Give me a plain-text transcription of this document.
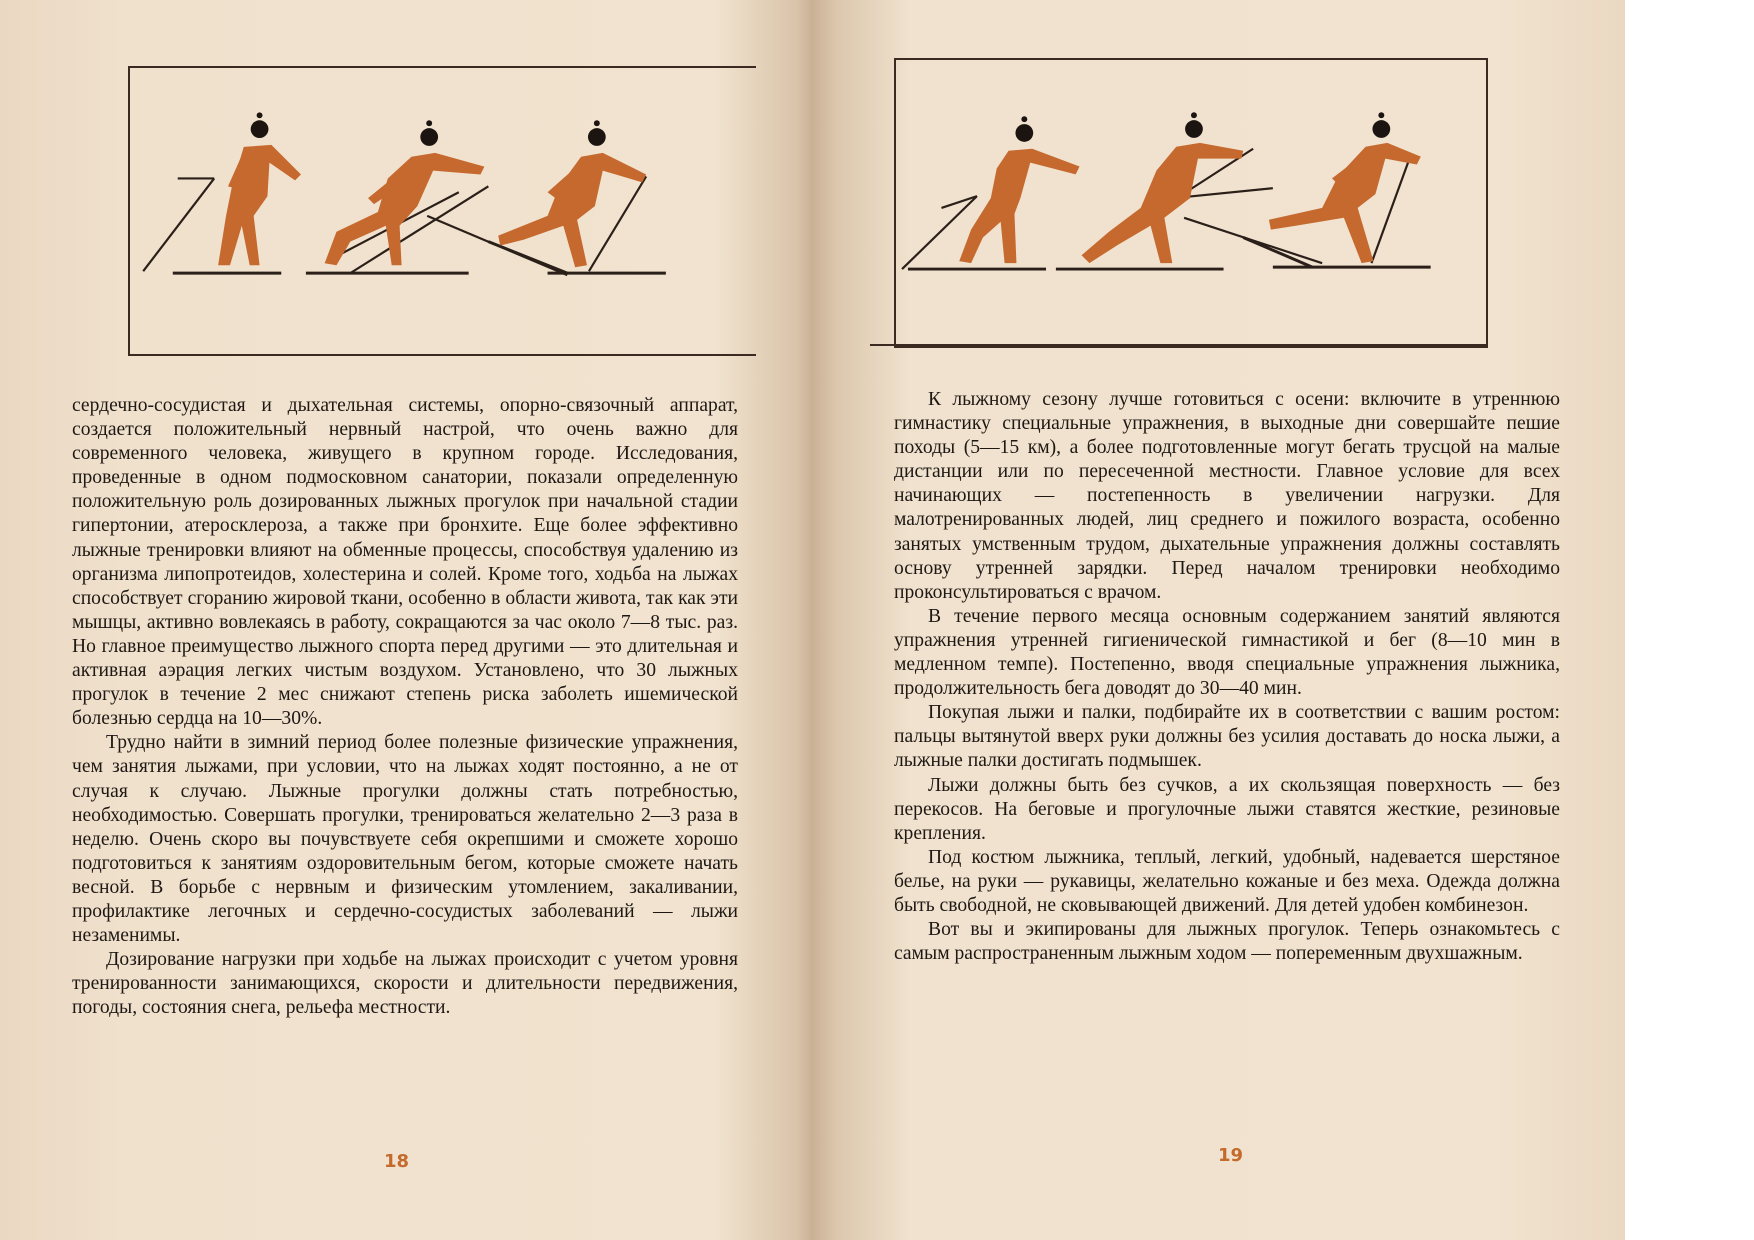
сердечно-сосудистая и дыхательная системы, опорно-связочный аппарат, создается положительный нервный настрой, что очень важно для современного человека, живущего в крупном городе. Исследования, проведенные в одном подмосковном санатории, показали определенную положительную роль дозированных лыжных прогулок при начальной стадии гипертонии, атеросклероза, а также при бронхите. Еще более эффективно лыжные тренировки влияют на обменные процессы, способствуя удалению из организма липопротеидов, холестерина и солей. Кроме того, ходьба на лыжах способствует сгоранию жировой ткани, особенно в области живота, так как эти мышцы, активно вовлекаясь в работу, сокращаются за час около 7—8 тыс. раз. Но главное преимущество лыжного спорта перед другими — это длительная и активная аэрация легких чистым воздухом. Установлено, что 30 лыжных прогулок в течение 2 мес снижают степень риска заболеть ишемической болезнью сердца на 10—30%.

Трудно найти в зимний период более полезные физические упражнения, чем занятия лыжами, при условии, что на лыжах ходят постоянно, а не от случая к случаю. Лыжные прогулки должны стать потребностью, необходимостью. Совершать прогулки, тренироваться желательно 2—3 раза в неделю. Очень скоро вы почувствуете себя окрепшими и сможете хорошо подготовиться к занятиям оздоровительным бегом, которые сможете начать весной. В борьбе с нервным и физическим утомлением, закаливании, профилактике легочных и сердечно-сосудистых заболеваний — лыжи незаменимы.

Дозирование нагрузки при ходьбе на лыжах происходит с учетом уровня тренированности занимающихся, скорости и длительности передвижения, погоды, состояния снега, рельефа местности.

18

К лыжному сезону лучше готовиться с осени: включите в утреннюю гимнастику специальные упражнения, в выходные дни совершайте пешие походы (5—15 км), а более подготовленные могут бегать трусцой на малые дистанции или по пересеченной местности. Главное условие для всех начинающих — постепенность в увеличении нагрузки. Для малотренированных людей, лиц среднего и пожилого возраста, особенно занятых умственным трудом, дыхательные упражнения должны составлять основу утренней зарядки. Перед началом тренировки необходимо проконсультироваться с врачом.

В течение первого месяца основным содержанием занятий являются упражнения утренней гигиенической гимнастикой и бег (8—10 мин в медленном темпе). Постепенно, вводя специальные упражнения лыжника, продолжительность бега доводят до 30—40 мин.

Покупая лыжи и палки, подбирайте их в соответствии с вашим ростом: пальцы вытянутой вверх руки должны без усилия доставать до носка лыжи, а лыжные палки достигать подмышек.

Лыжи должны быть без сучков, а их скользящая поверхность — без перекосов. На беговые и прогулочные лыжи ставятся жесткие, резиновые крепления.

Под костюм лыжника, теплый, легкий, удобный, надевается шерстяное белье, на руки — рукавицы, желательно кожаные и без меха. Одежда должна быть свободной, не сковывающей движений. Для детей удобен комбинезон.

Вот вы и экипированы для лыжных прогулок. Теперь ознакомьтесь с самым распространенным лыжным ходом — попеременным двухшажным.

19
